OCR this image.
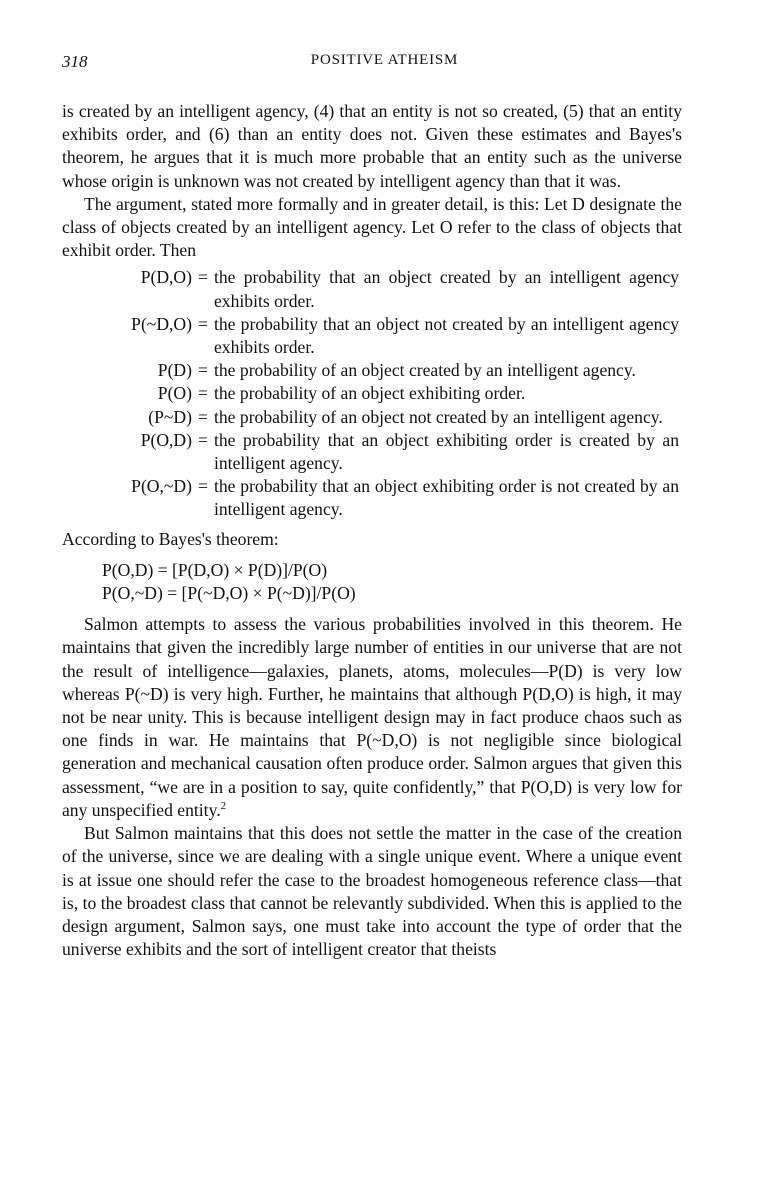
318	POSITIVE ATHEISM

is created by an intelligent agency, (4) that an entity is not so created, (5) that an entity exhibits order, and (6) than an entity does not. Given these estimates and Bayes's theorem, he argues that it is much more probable that an entity such as the universe whose origin is unknown was not created by intelligent agency than that it was.

The argument, stated more formally and in greater detail, is this: Let D designate the class of objects created by an intelligent agency. Let O refer to the class of objects that exhibit order. Then

P(D,O) = the probability that an object created by an intelligent agency exhibits order.
P(~D,O) = the probability that an object not created by an intelligent agency exhibits order.
P(D) = the probability of an object created by an intelligent agency.
P(O) = the probability of an object exhibiting order.
(P~D) = the probability of an object not created by an intelligent agency.
P(O,D) = the probability that an object exhibiting order is created by an intelligent agency.
P(O,~D) = the probability that an object exhibiting order is not created by an intelligent agency.

According to Bayes's theorem:

P(O,D) = [P(D,O) × P(D)]/P(O)
P(O,~D) = [P(~D,O) × P(~D)]/P(O)

Salmon attempts to assess the various probabilities involved in this theorem. He maintains that given the incredibly large number of entities in our universe that are not the result of intelligence—galaxies, planets, atoms, molecules—P(D) is very low whereas P(~D) is very high. Further, he maintains that although P(D,O) is high, it may not be near unity. This is because intelligent design may in fact produce chaos such as one finds in war. He maintains that P(~D,O) is not negligible since biological generation and mechanical causation often produce order. Salmon argues that given this assessment, “we are in a position to say, quite confidently,” that P(O,D) is very low for any unspecified entity.$^2$

But Salmon maintains that this does not settle the matter in the case of the creation of the universe, since we are dealing with a single unique event. Where a unique event is at issue one should refer the case to the broadest homogeneous reference class—that is, to the broadest class that cannot be relevantly subdivided. When this is applied to the design argument, Salmon says, one must take into account the type of order that the universe exhibits and the sort of intelligent creator that theists
